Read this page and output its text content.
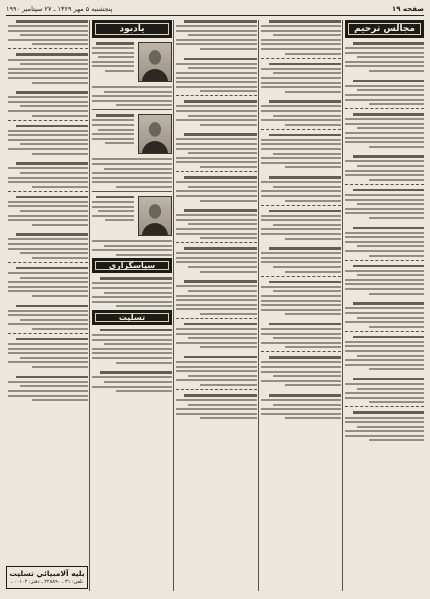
صفحه ۱۹
پنجشنبه ۵ مهر ۱۳۶۹ ـ ۲۷ سپتامبر ۱۹۹۰
مجالس ترحيم
يادبود
سپاسگزاري
تسليت
بليه آلامبيائي تسليت
تلفن: ۳۱ ـ ۲۲۸۸۹۰ ـ دفتر: ۰۰۱۰۲ ـ
